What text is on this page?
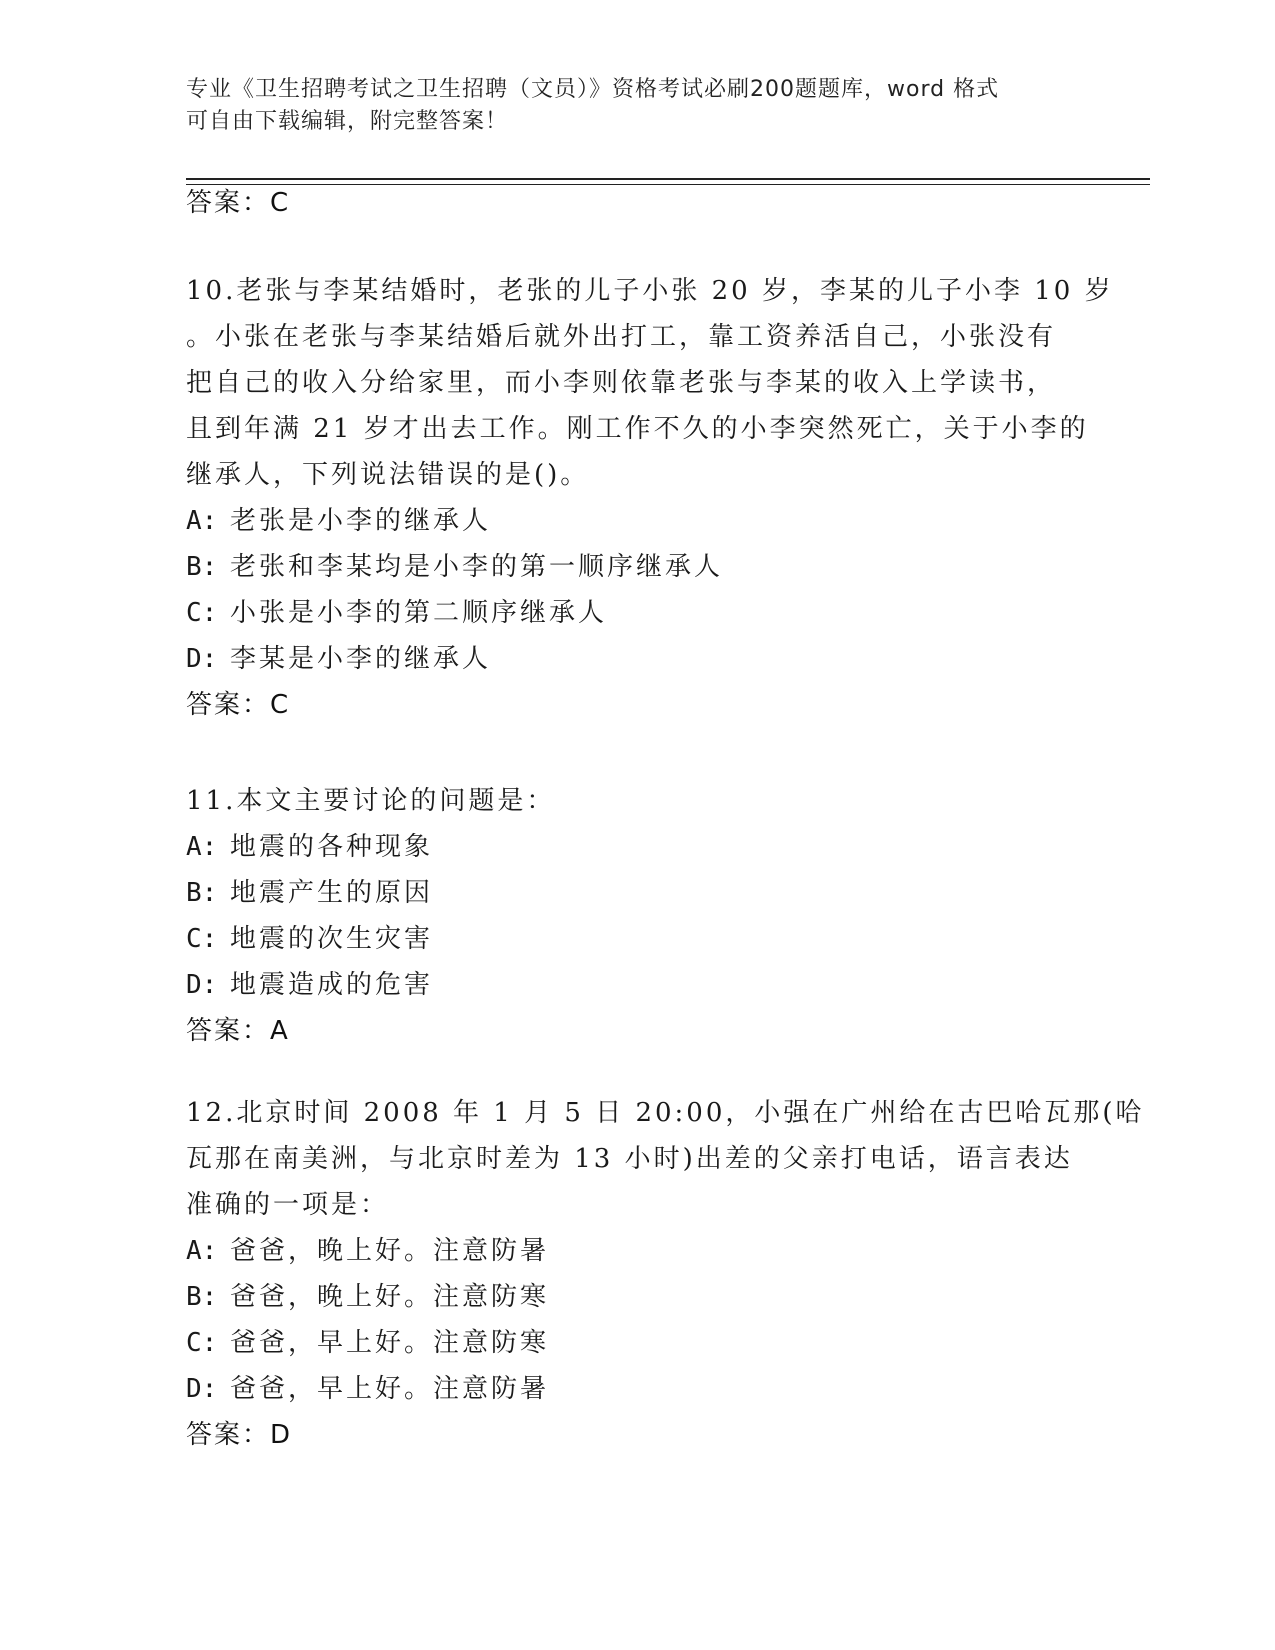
专业《卫生招聘考试之卫生招聘（文员）》资格考试必刷200题题库，word 格式
可自由下载编辑，附完整答案！
答案：C
10.老张与李某结婚时，老张的儿子小张 20 岁，李某的儿子小李 10 岁
。小张在老张与李某结婚后就外出打工，靠工资养活自己，小张没有
把自己的收入分给家里，而小李则依靠老张与李某的收入上学读书，
且到年满 21 岁才出去工作。刚工作不久的小李突然死亡，关于小李的
继承人，下列说法错误的是()。
A: 老张是小李的继承人
B: 老张和李某均是小李的第一顺序继承人
C: 小张是小李的第二顺序继承人
D: 李某是小李的继承人
答案：C
11.本文主要讨论的问题是：
A: 地震的各种现象
B: 地震产生的原因
C: 地震的次生灾害
D: 地震造成的危害
答案：A
12.北京时间 2008 年 1 月 5 日 20:00，小强在广州给在古巴哈瓦那(哈
瓦那在南美洲，与北京时差为 13 小时)出差的父亲打电话，语言表达
准确的一项是：
A: 爸爸，晚上好。注意防暑
B: 爸爸，晚上好。注意防寒
C: 爸爸，早上好。注意防寒
D: 爸爸，早上好。注意防暑
答案：D
